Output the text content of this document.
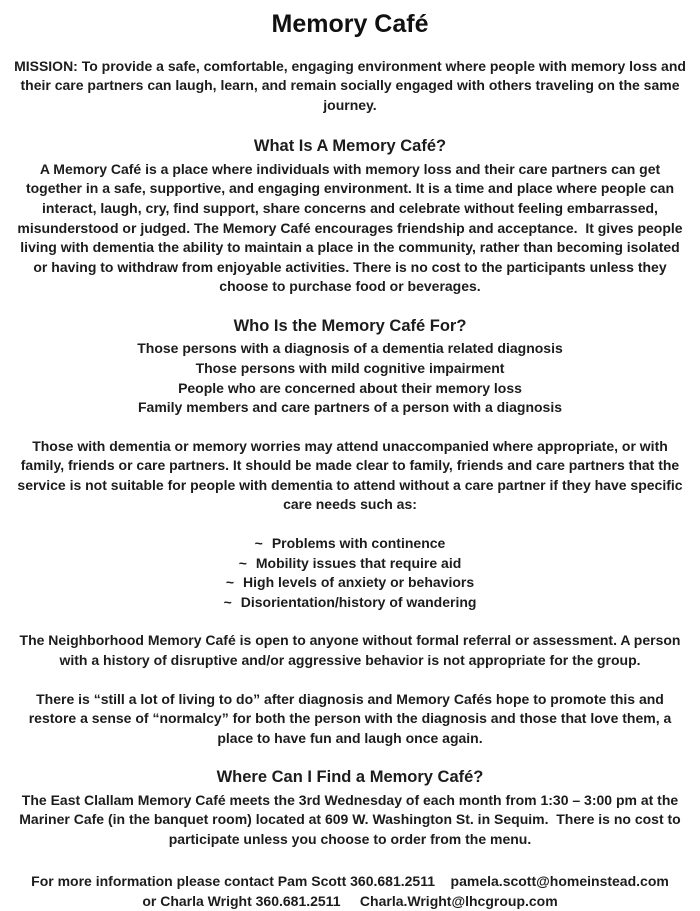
Memory Café

MISSION: To provide a safe, comfortable, engaging environment where people with memory loss and their care partners can laugh, learn, and remain socially engaged with others traveling on the same journey.

What Is A Memory Café?

A Memory Café is a place where individuals with memory loss and their care partners can get together in a safe, supportive, and engaging environment. It is a time and place where people can interact, laugh, cry, find support, share concerns and celebrate without feeling embarrassed, misunderstood or judged. The Memory Café encourages friendship and acceptance.  It gives people living with dementia the ability to maintain a place in the community, rather than becoming isolated or having to withdraw from enjoyable activities. There is no cost to the participants unless they choose to purchase food or beverages.

Who Is the Memory Café For?
Those persons with a diagnosis of a dementia related diagnosis
Those persons with mild cognitive impairment
People who are concerned about their memory loss
Family members and care partners of a person with a diagnosis

Those with dementia or memory worries may attend unaccompanied where appropriate, or with family, friends or care partners. It should be made clear to family, friends and care partners that the service is not suitable for people with dementia to attend without a care partner if they have specific care needs such as:

~ Problems with continence
~ Mobility issues that require aid
~ High levels of anxiety or behaviors
~ Disorientation/history of wandering

The Neighborhood Memory Café is open to anyone without formal referral or assessment. A person with a history of disruptive and/or aggressive behavior is not appropriate for the group.

There is “still a lot of living to do” after diagnosis and Memory Cafés hope to promote this and restore a sense of “normalcy” for both the person with the diagnosis and those that love them, a place to have fun and laugh once again.

Where Can I Find a Memory Café?

The East Clallam Memory Café meets the 3rd Wednesday of each month from 1:30 – 3:00 pm at the Mariner Cafe (in the banquet room) located at 609 W. Washington St. in Sequim.  There is no cost to participate unless you choose to order from the menu.

For more information please contact Pam Scott 360.681.2511    pamela.scott@homeinstead.com
or Charla Wright 360.681.2511     Charla.Wright@lhcgroup.com
